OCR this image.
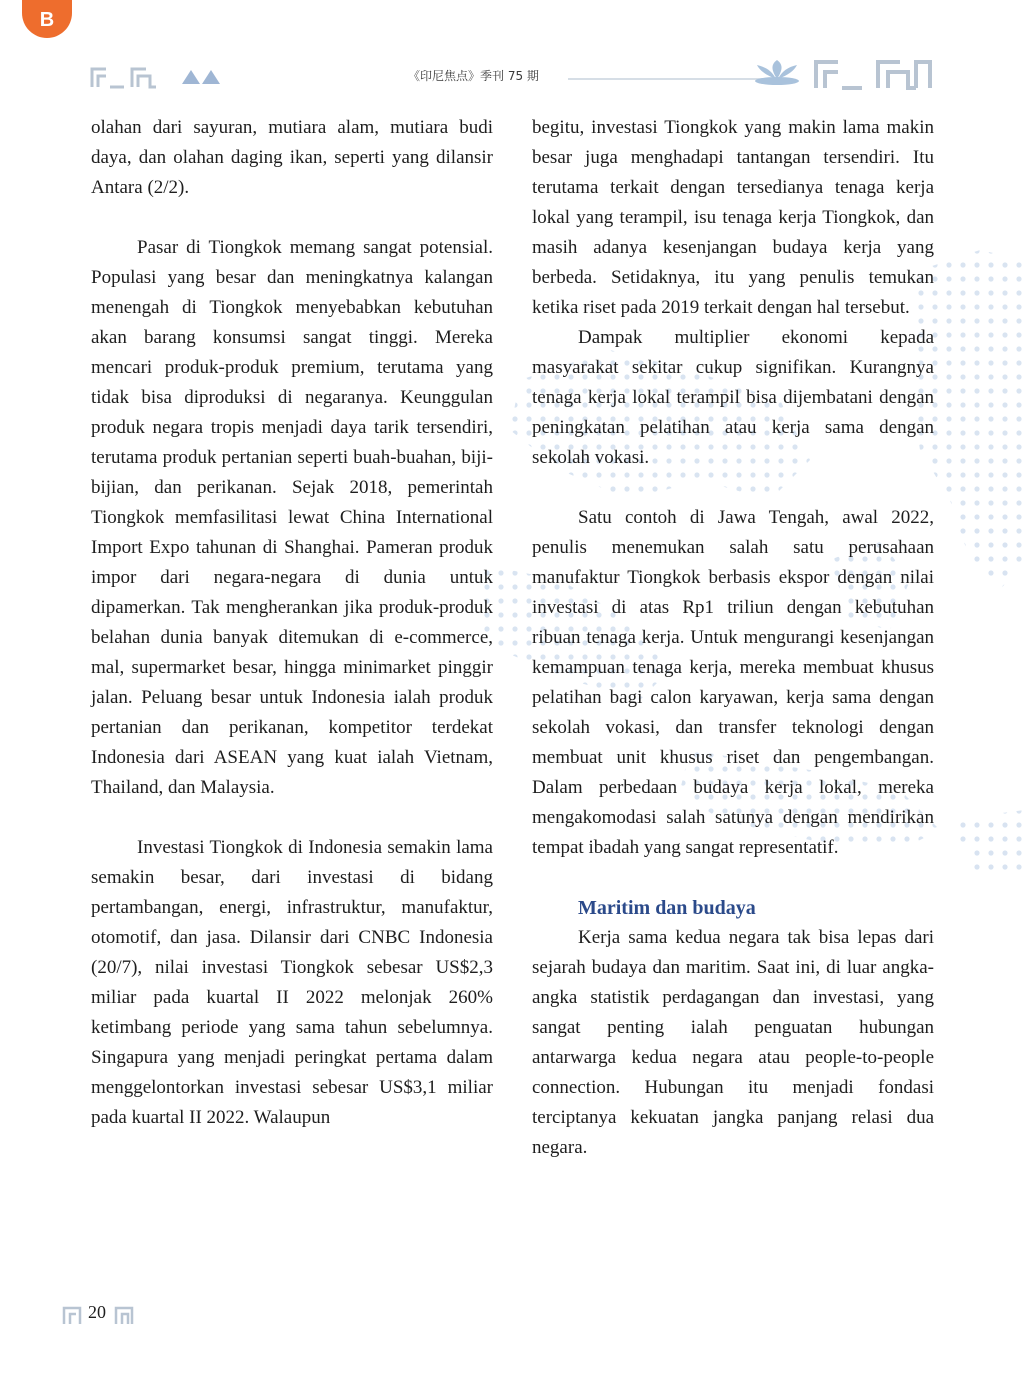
B
《印尼焦点》季刊 75 期

olahan dari sayuran, mutiara alam, mutiara budi daya, dan olahan daging ikan, seperti yang dilansir Antara (2/2).

Pasar di Tiongkok memang sangat potensial. Populasi yang besar dan meningkatnya kalangan menengah di Tiongkok menyebabkan kebutuhan akan barang konsumsi sangat tinggi. Mereka mencari produk-produk premium, terutama yang tidak bisa diproduksi di negaranya. Keunggulan produk negara tropis menjadi daya tarik tersendiri, terutama produk pertanian seperti buah-buahan, biji-bijian, dan perikanan. Sejak 2018, pemerintah Tiongkok memfasilitasi lewat China International Import Expo tahunan di Shanghai. Pameran produk impor dari negara-negara di dunia untuk dipamerkan. Tak mengherankan jika produk-produk belahan dunia banyak ditemukan di e-commerce, mal, supermarket besar, hingga minimarket pinggir jalan. Peluang besar untuk Indonesia ialah produk pertanian dan perikanan, kompetitor terdekat Indonesia dari ASEAN yang kuat ialah Vietnam, Thailand, dan Malaysia.

Investasi Tiongkok di Indonesia semakin lama semakin besar, dari investasi di bidang pertambangan, energi, infrastruktur, manufaktur, otomotif, dan jasa. Dilansir dari CNBC Indonesia (20/7), nilai investasi Tiongkok sebesar US$2,3 miliar pada kuartal II 2022 melonjak 260% ketimbang periode yang sama tahun sebelumnya. Singapura yang menjadi peringkat pertama dalam menggelontorkan investasi sebesar US$3,1 miliar pada kuartal II 2022. Walaupun

begitu, investasi Tiongkok yang makin lama makin besar juga menghadapi tantangan tersendiri. Itu terutama terkait dengan tersedianya tenaga kerja lokal yang terampil, isu tenaga kerja Tiongkok, dan masih adanya kesenjangan budaya kerja yang berbeda. Setidaknya, itu yang penulis temukan ketika riset pada 2019 terkait dengan hal tersebut.

Dampak multiplier ekonomi kepada masyarakat sekitar cukup signifikan. Kurangnya tenaga kerja lokal terampil bisa dijembatani dengan peningkatan pelatihan atau kerja sama dengan sekolah vokasi.

Satu contoh di Jawa Tengah, awal 2022, penulis menemukan salah satu perusahaan manufaktur Tiongkok berbasis ekspor dengan nilai investasi di atas Rp1 triliun dengan kebutuhan ribuan tenaga kerja. Untuk mengurangi kesenjangan kemampuan tenaga kerja, mereka membuat khusus pelatihan bagi calon karyawan, kerja sama dengan sekolah vokasi, dan transfer teknologi dengan membuat unit khusus riset dan pengembangan. Dalam perbedaan budaya kerja lokal, mereka mengakomodasi salah satunya dengan mendirikan tempat ibadah yang sangat representatif.

Maritim dan budaya

Kerja sama kedua negara tak bisa lepas dari sejarah budaya dan maritim. Saat ini, di luar angka-angka statistik perdagangan dan investasi, yang sangat penting ialah penguatan hubungan antarwarga kedua negara atau people-to-people connection. Hubungan itu menjadi fondasi terciptanya kekuatan jangka panjang relasi dua negara.

20
